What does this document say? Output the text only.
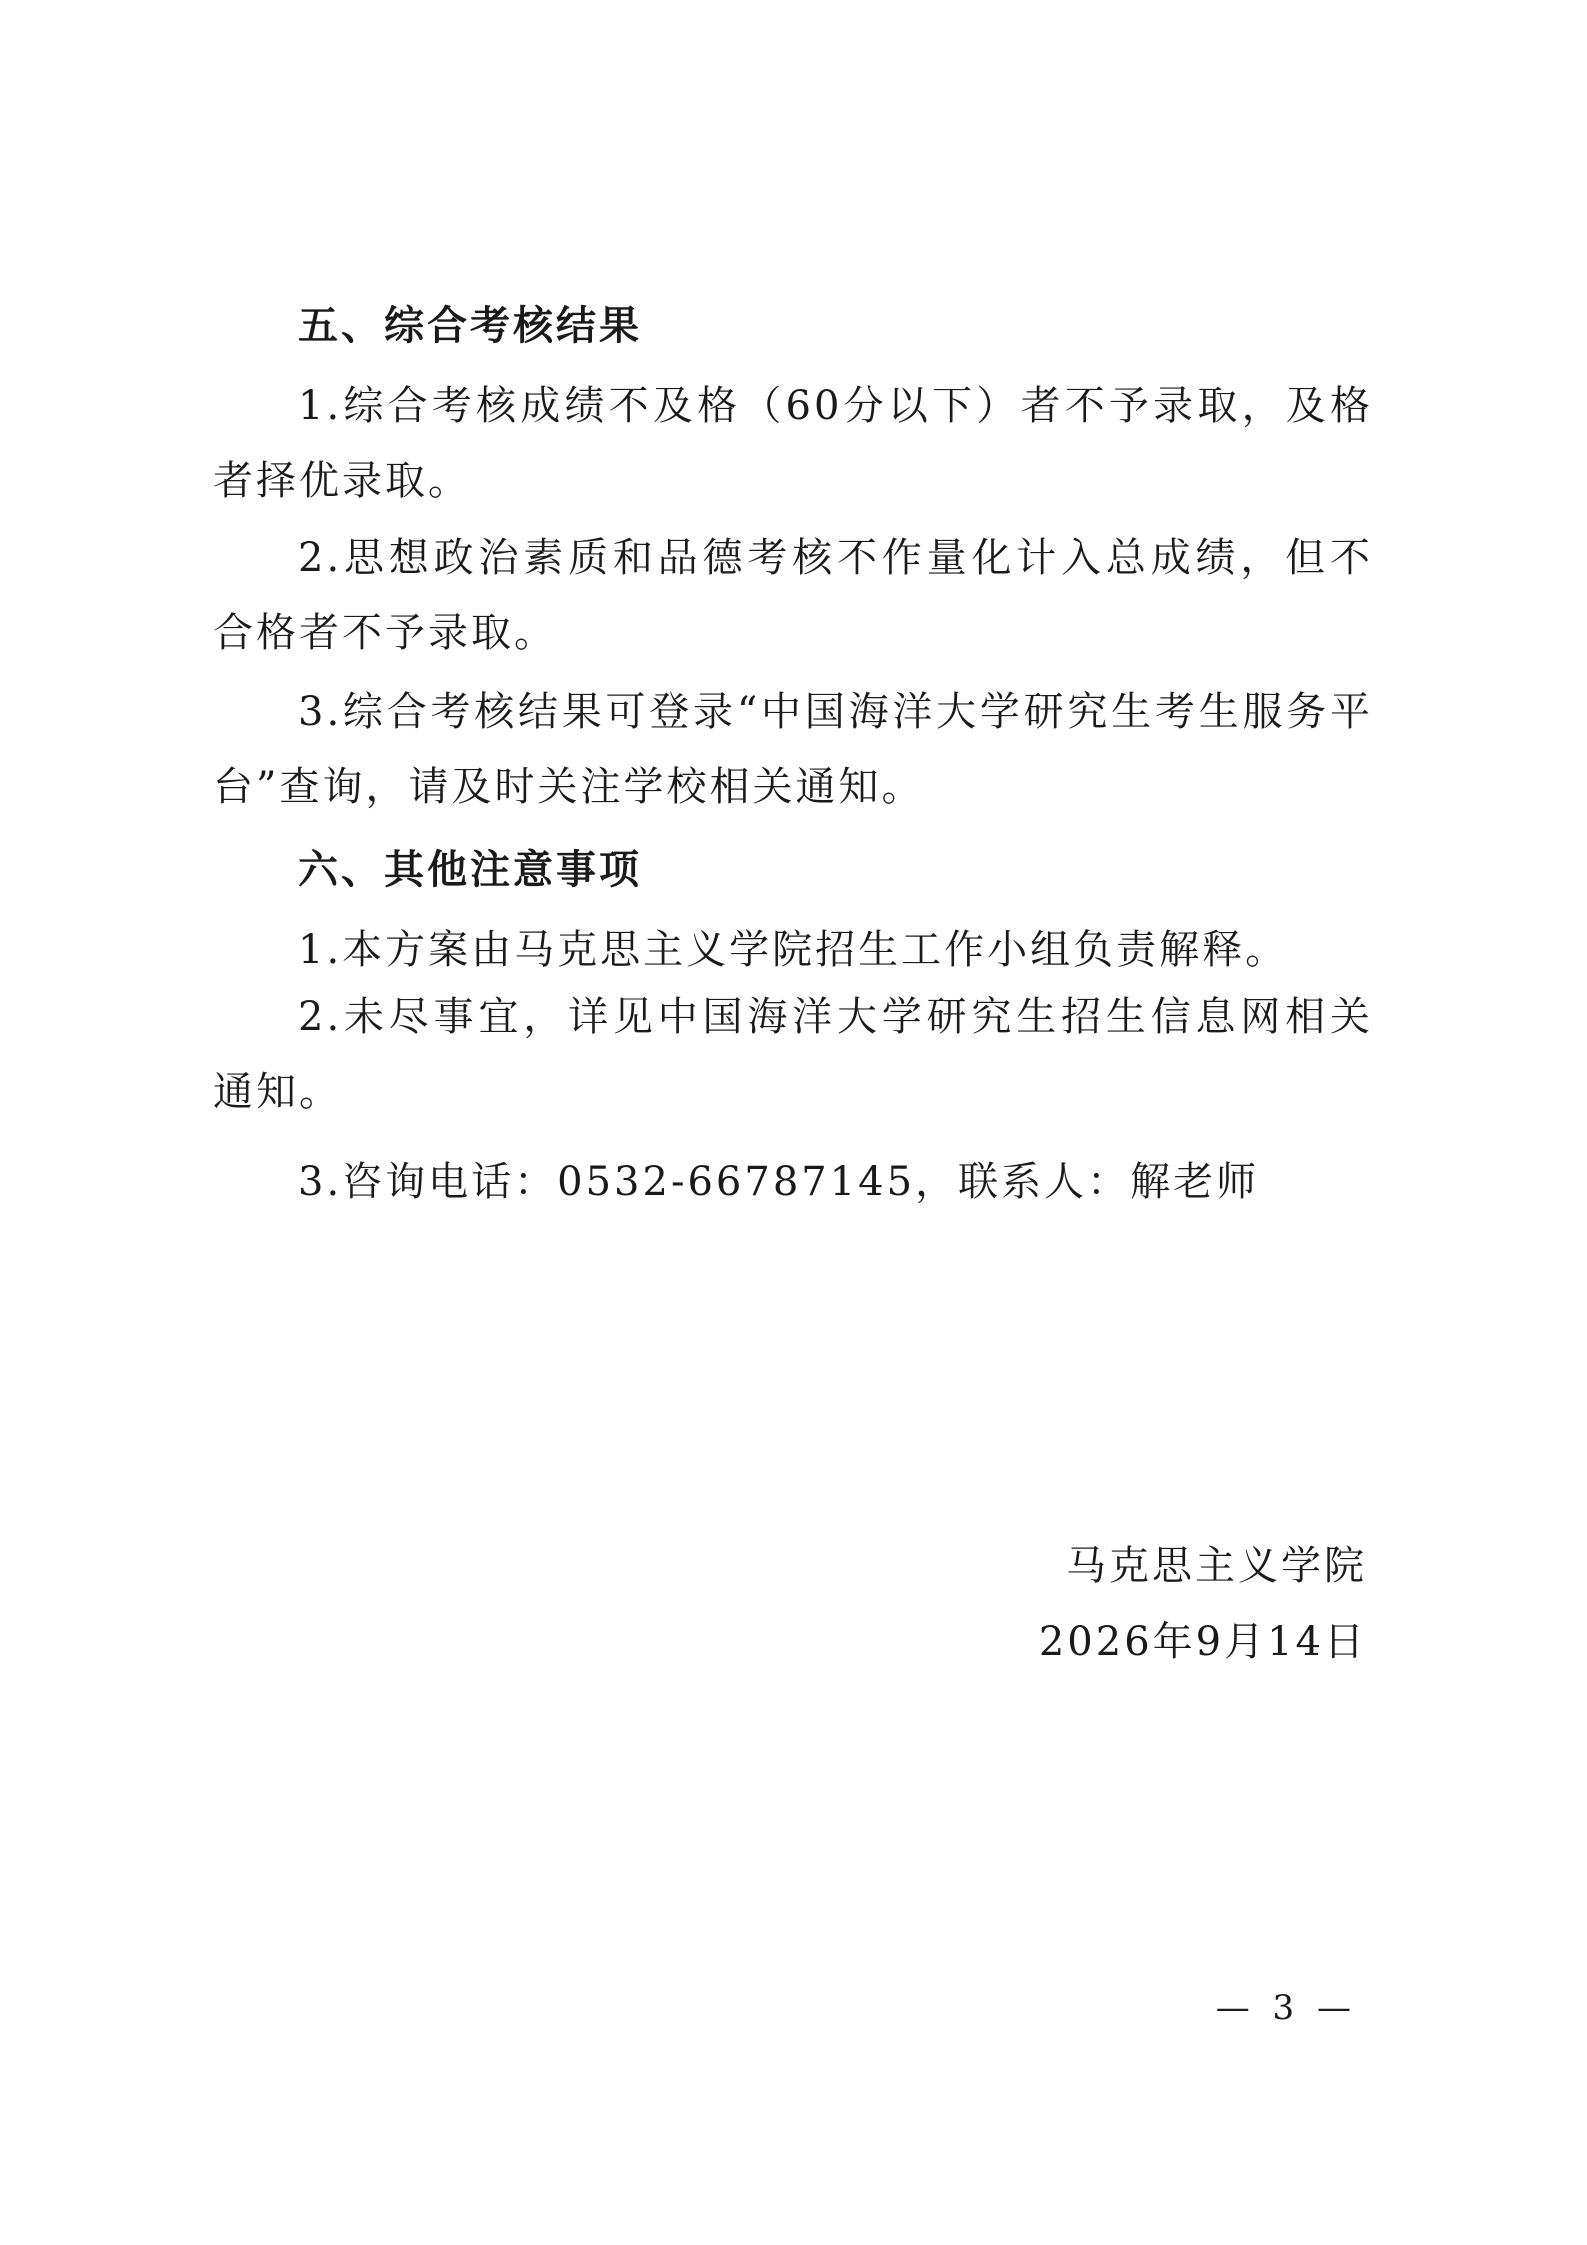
五、综合考核结果
1.综合考核成绩不及格（60分以下）者不予录取，及格者择优录取。
2.思想政治素质和品德考核不作量化计入总成绩，但不合格者不予录取。
3.综合考核结果可登录“中国海洋大学研究生考生服务平台”查询，请及时关注学校相关通知。
六、其他注意事项
1.本方案由马克思主义学院招生工作小组负责解释。
2.未尽事宜，详见中国海洋大学研究生招生信息网相关通知。
3.咨询电话：0532-66787145，联系人：解老师
马克思主义学院
2026年9月14日
— 3 —
